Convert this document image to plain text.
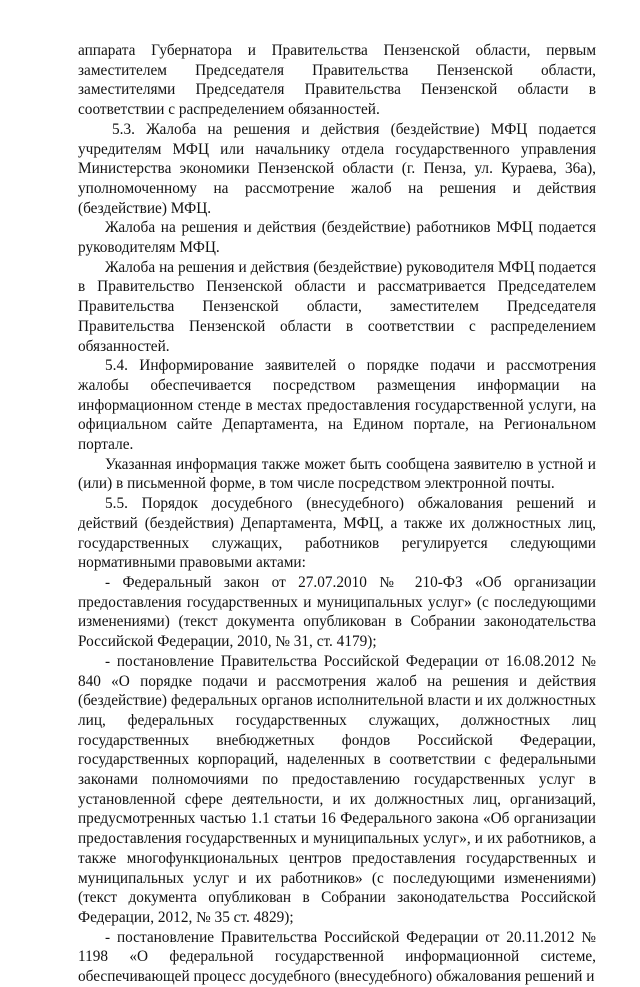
аппарата Губернатора и Правительства Пензенской области, первым заместителем Председателя Правительства Пензенской области, заместителями Председателя Правительства Пензенской области в соответствии с распределением обязанностей.

5.3. Жалоба на решения и действия (бездействие) МФЦ подается учредителям МФЦ или начальнику отдела государственного управления Министерства экономики Пензенской области (г. Пенза, ул. Кураева, 36а), уполномоченному на рассмотрение жалоб на решения и действия (бездействие) МФЦ.

Жалоба на решения и действия (бездействие) работников МФЦ подается руководителям МФЦ.

Жалоба на решения и действия (бездействие) руководителя МФЦ подается в Правительство Пензенской области и рассматривается Председателем Правительства Пензенской области, заместителем Председателя Правительства Пензенской области в соответствии с распределением обязанностей.

5.4. Информирование заявителей о порядке подачи и рассмотрения жалобы обеспечивается посредством размещения информации на информационном стенде в местах предоставления государственной услуги, на официальном сайте Департамента, на Едином портале, на Региональном портале.

Указанная информация также может быть сообщена заявителю в устной и (или) в письменной форме, в том числе посредством электронной почты.

5.5. Порядок досудебного (внесудебного) обжалования решений и действий (бездействия) Департамента, МФЦ, а также их должностных лиц, государственных служащих, работников регулируется следующими нормативными правовыми актами:

- Федеральный закон от 27.07.2010 № 210-ФЗ «Об организации предоставления государственных и муниципальных услуг» (с последующими изменениями) (текст документа опубликован в Собрании законодательства Российской Федерации, 2010, № 31, ст. 4179);

- постановление Правительства Российской Федерации от 16.08.2012 № 840 «О порядке подачи и рассмотрения жалоб на решения и действия (бездействие) федеральных органов исполнительной власти и их должностных лиц, федеральных государственных служащих, должностных лиц государственных внебюджетных фондов Российской Федерации, государственных корпораций, наделенных в соответствии с федеральными законами полномочиями по предоставлению государственных услуг в установленной сфере деятельности, и их должностных лиц, организаций, предусмотренных частью 1.1 статьи 16 Федерального закона «Об организации предоставления государственных и муниципальных услуг», и их работников, а также многофункциональных центров предоставления государственных и муниципальных услуг и их работников» (с последующими изменениями) (текст документа опубликован в Собрании законодательства Российской Федерации, 2012, № 35 ст. 4829);

- постановление Правительства Российской Федерации от 20.11.2012 № 1198 «О федеральной государственной информационной системе, обеспечивающей процесс досудебного (внесудебного) обжалования решений и
